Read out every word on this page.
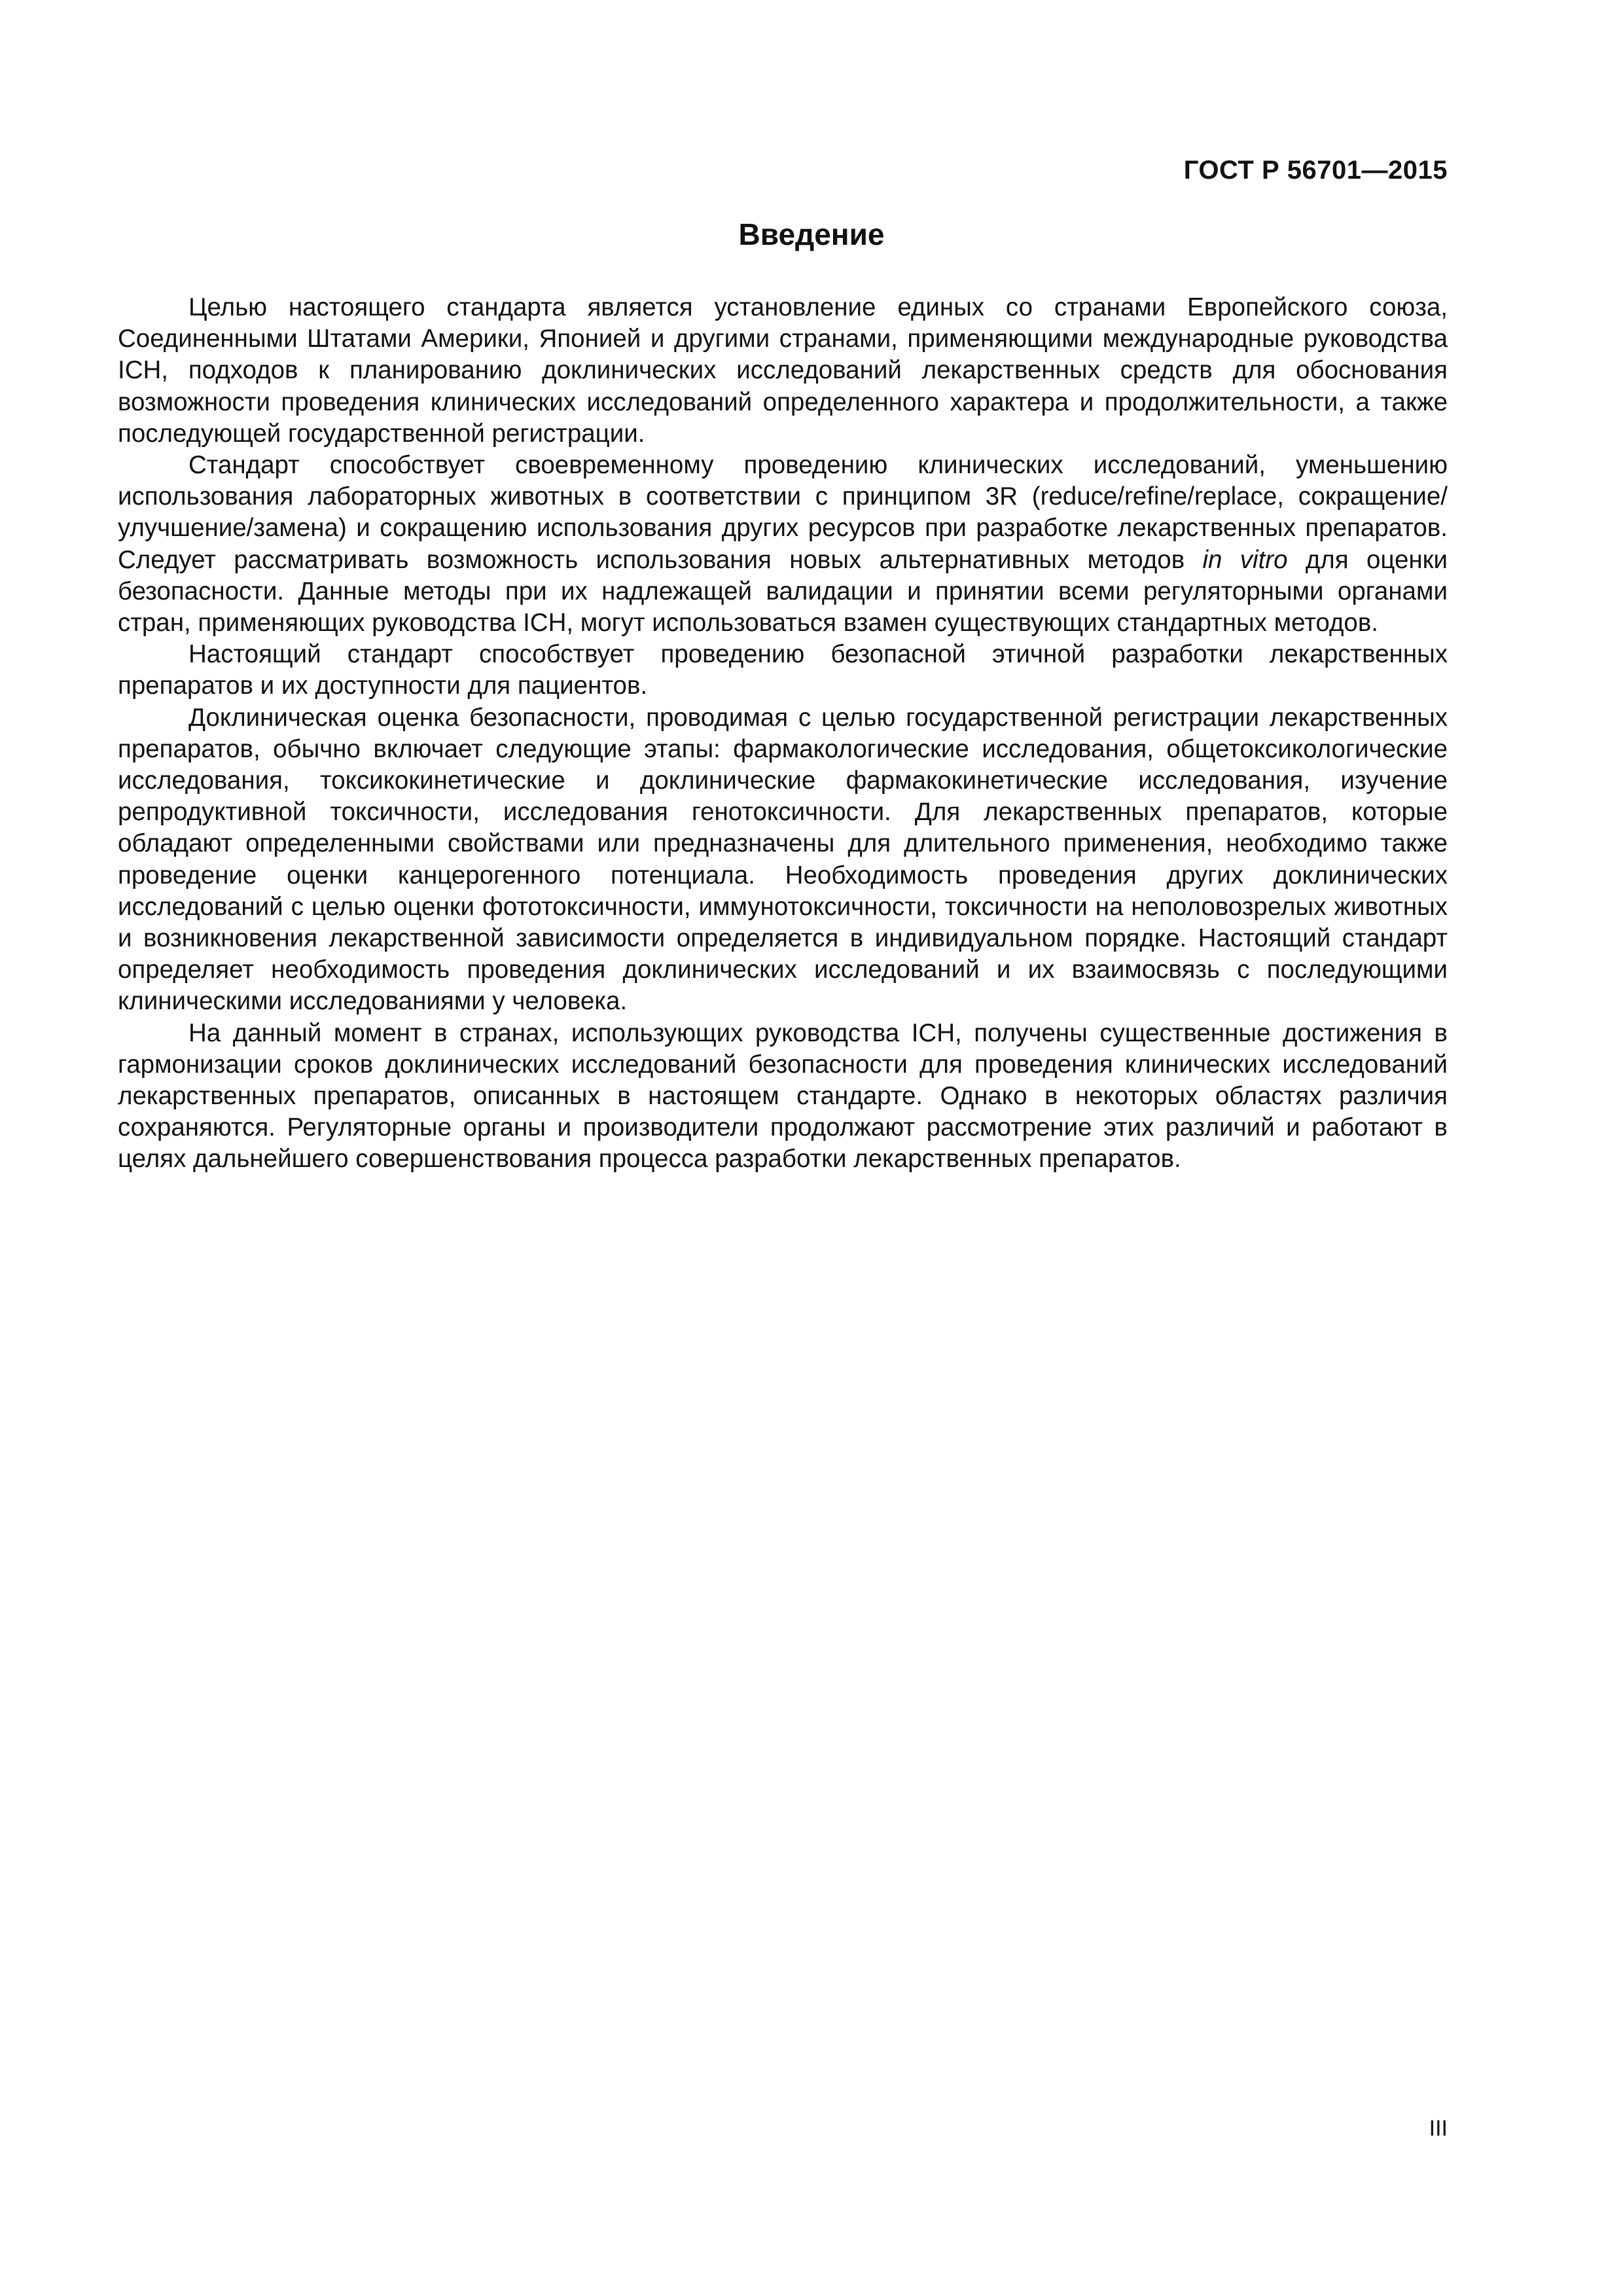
ГОСТ Р 56701—2015
Введение

Целью настоящего стандарта является установление единых со странами Европейского союза, Соединенными Штатами Америки, Японией и другими странами, применяющими международные руководства ICH, подходов к планированию доклинических исследований лекарственных средств для обоснования возможности проведения клинических исследований определенного характера и продолжительности, а также последующей государственной регистрации.

Стандарт способствует своевременному проведению клинических исследований, уменьшению использования лабораторных животных в соответствии с принципом 3R (reduce/refine/replace, сокращение/улучшение/замена) и сокращению использования других ресурсов при разработке лекарственных препаратов. Следует рассматривать возможность использования новых альтернативных методов in vitro для оценки безопасности. Данные методы при их надлежащей валидации и принятии всеми регуляторными органами стран, применяющих руководства ICH, могут использоваться взамен существующих стандартных методов.

Настоящий стандарт способствует проведению безопасной этичной разработки лекарственных препаратов и их доступности для пациентов.

Доклиническая оценка безопасности, проводимая с целью государственной регистрации лекарственных препаратов, обычно включает следующие этапы: фармакологические исследования, общетоксикологические исследования, токсикокинетические и доклинические фармакокинетические исследования, изучение репродуктивной токсичности, исследования генотоксичности. Для лекарственных препаратов, которые обладают определенными свойствами или предназначены для длительного применения, необходимо также проведение оценки канцерогенного потенциала. Необходимость проведения других доклинических исследований с целью оценки фототоксичности, иммунотоксичности, токсичности на неполовозрелых животных и возникновения лекарственной зависимости определяется в индивидуальном порядке. Настоящий стандарт определяет необходимость проведения доклинических исследований и их взаимосвязь с последующими клиническими исследованиями у человека.

На данный момент в странах, использующих руководства ICH, получены существенные достижения в гармонизации сроков доклинических исследований безопасности для проведения клинических исследований лекарственных препаратов, описанных в настоящем стандарте. Однако в некоторых областях различия сохраняются. Регуляторные органы и производители продолжают рассмотрение этих различий и работают в целях дальнейшего совершенствования процесса разработки лекарственных препаратов.

III
